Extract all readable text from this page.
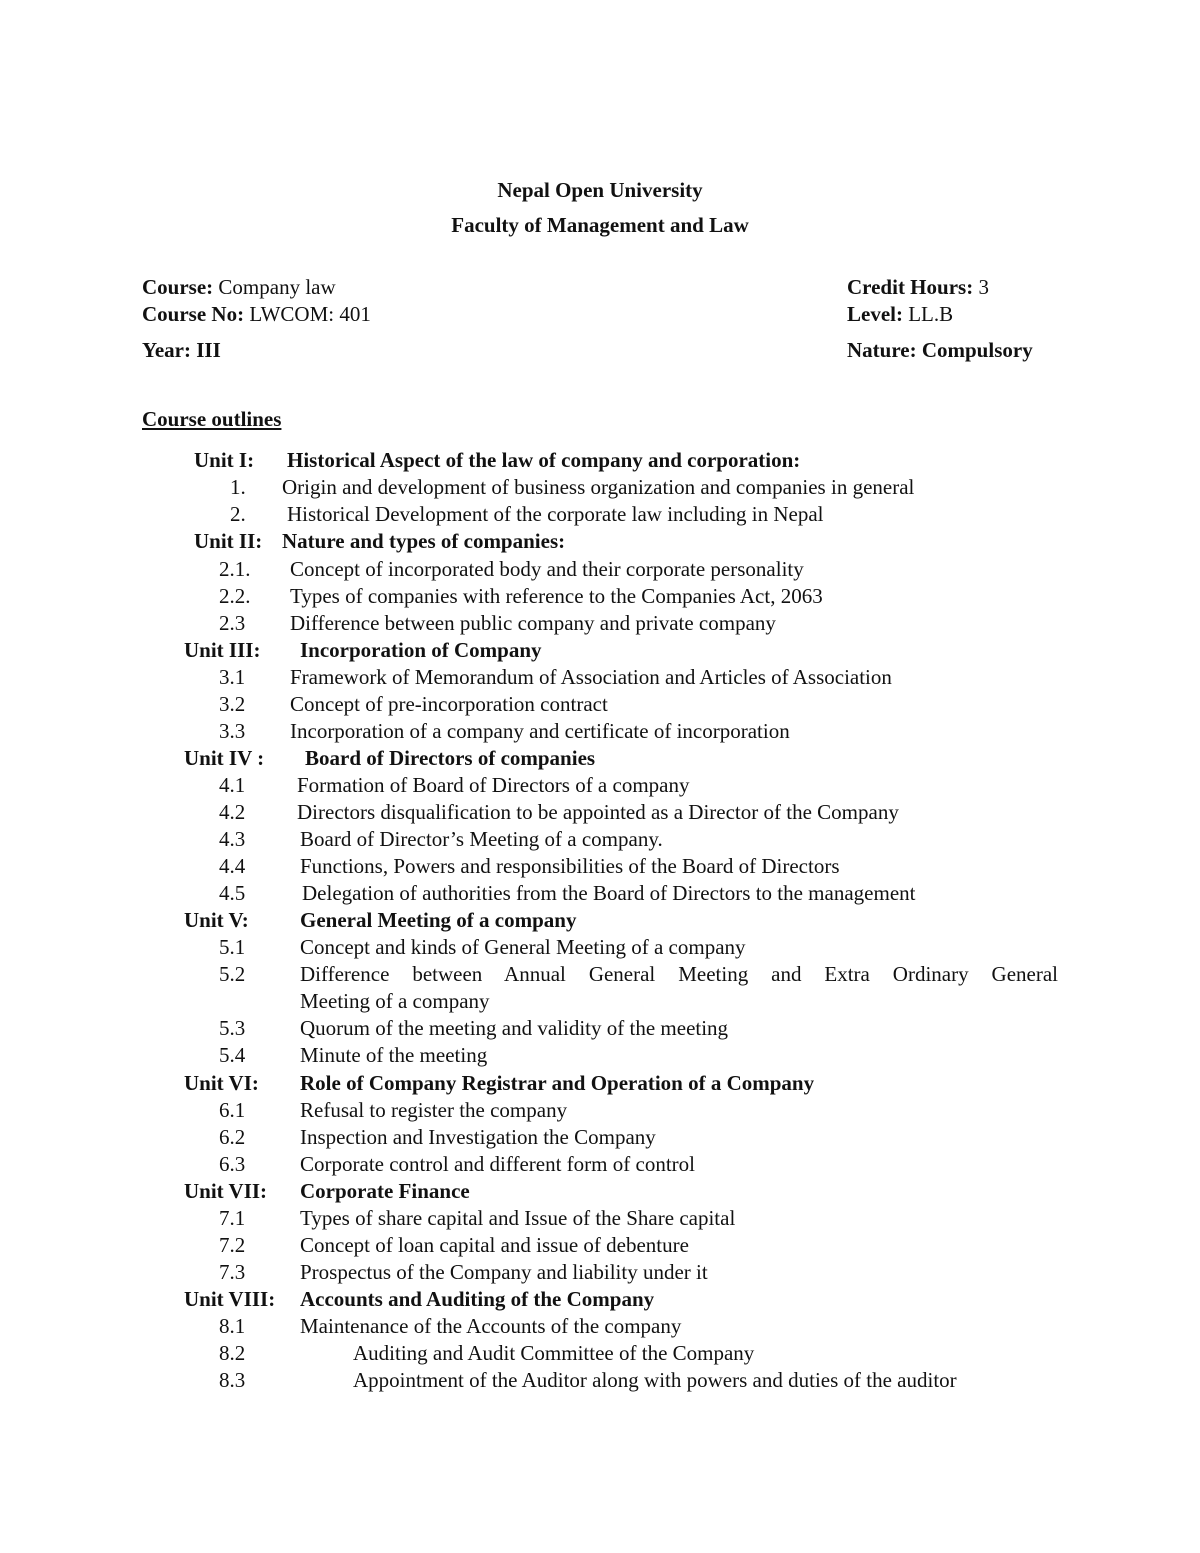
Nepal Open University
Faculty of Management and Law
Course: Company law
Course No: LWCOM: 401
Year: III
Credit Hours: 3
Level: LL.B
Nature: Compulsory
Course outlines
Unit I: Historical Aspect of the law of company and corporation:
1. Origin and development of business organization and companies in general
2. Historical Development of the corporate law including in Nepal
Unit II: Nature and types of companies:
2.1. Concept of incorporated body and their corporate personality
2.2. Types of companies with reference to the Companies Act, 2063
2.3 Difference between public company and private company
Unit III: Incorporation of Company
3.1 Framework of Memorandum of Association and Articles of Association
3.2 Concept of pre-incorporation contract
3.3 Incorporation of a company and certificate of incorporation
Unit IV : Board of Directors of companies
4.1 Formation of Board of Directors of a company
4.2 Directors disqualification to be appointed as a Director of the Company
4.3	Board of Director’s Meeting of a company.
4.4	Functions, Powers and responsibilities of the Board of Directors
4.5	Delegation of authorities from the Board of Directors to the management
Unit V: General Meeting of a company
5.1	Concept and kinds of General Meeting of a company
5.2	Difference between Annual General Meeting and Extra Ordinary General
Meeting of a company
5.3	Quorum of the meeting and validity of the meeting
5.4	Minute of the meeting
Unit VI: Role of Company Registrar and Operation of a Company
6.1	Refusal to register the company
6.2	Inspection and Investigation the Company
6.3	Corporate control and different form of control
Unit VII: Corporate Finance
7.1	Types of share capital and Issue of the Share capital
7.2	Concept of loan capital and issue of debenture
7.3	Prospectus of the Company and liability under it
Unit VIII: Accounts and Auditing of the Company
8.1	Maintenance of the Accounts of the company
8.2	Auditing and Audit Committee of the Company
8.3	Appointment of the Auditor along with powers and duties of the auditor
